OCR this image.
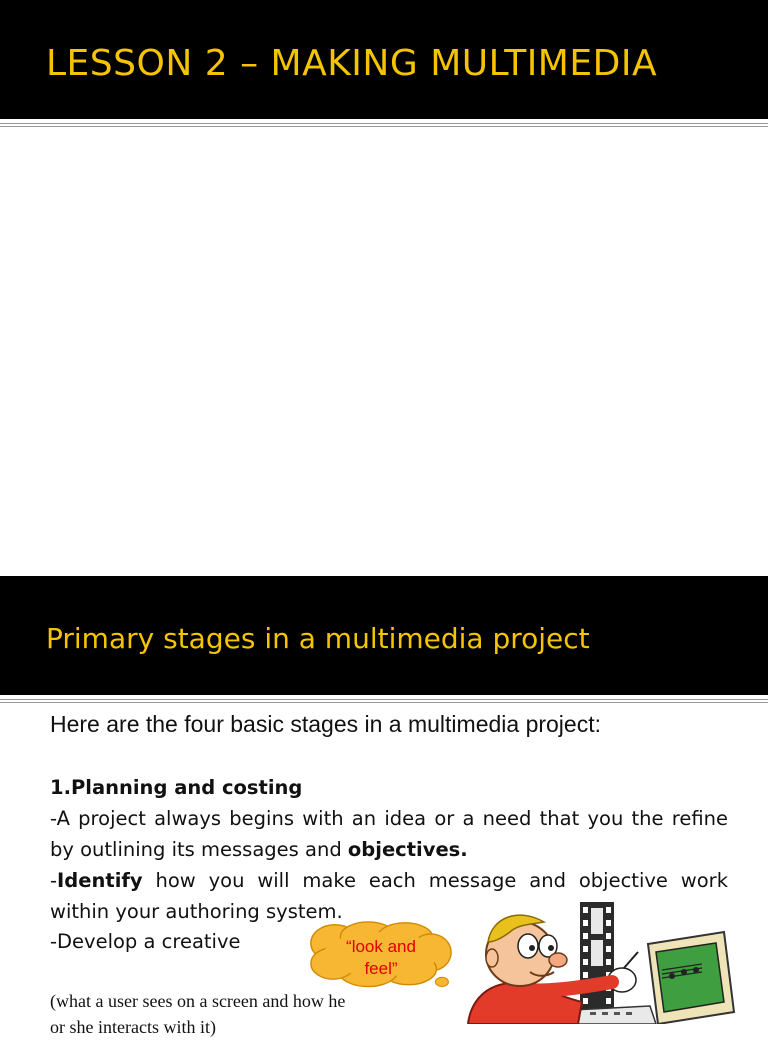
LESSON 2 – MAKING MULTIMEDIA
Primary stages in a multimedia project
Here are the four basic stages in a multimedia project:
1.Planning and costing
-A project always begins with an idea or a need that you the refine by outlining its messages and objectives.
-Identify how you will make each message and objective work within your authoring system.
-Develop a creative	“look and
feel”
(what a user sees on a screen and how he
or she interacts with it)
